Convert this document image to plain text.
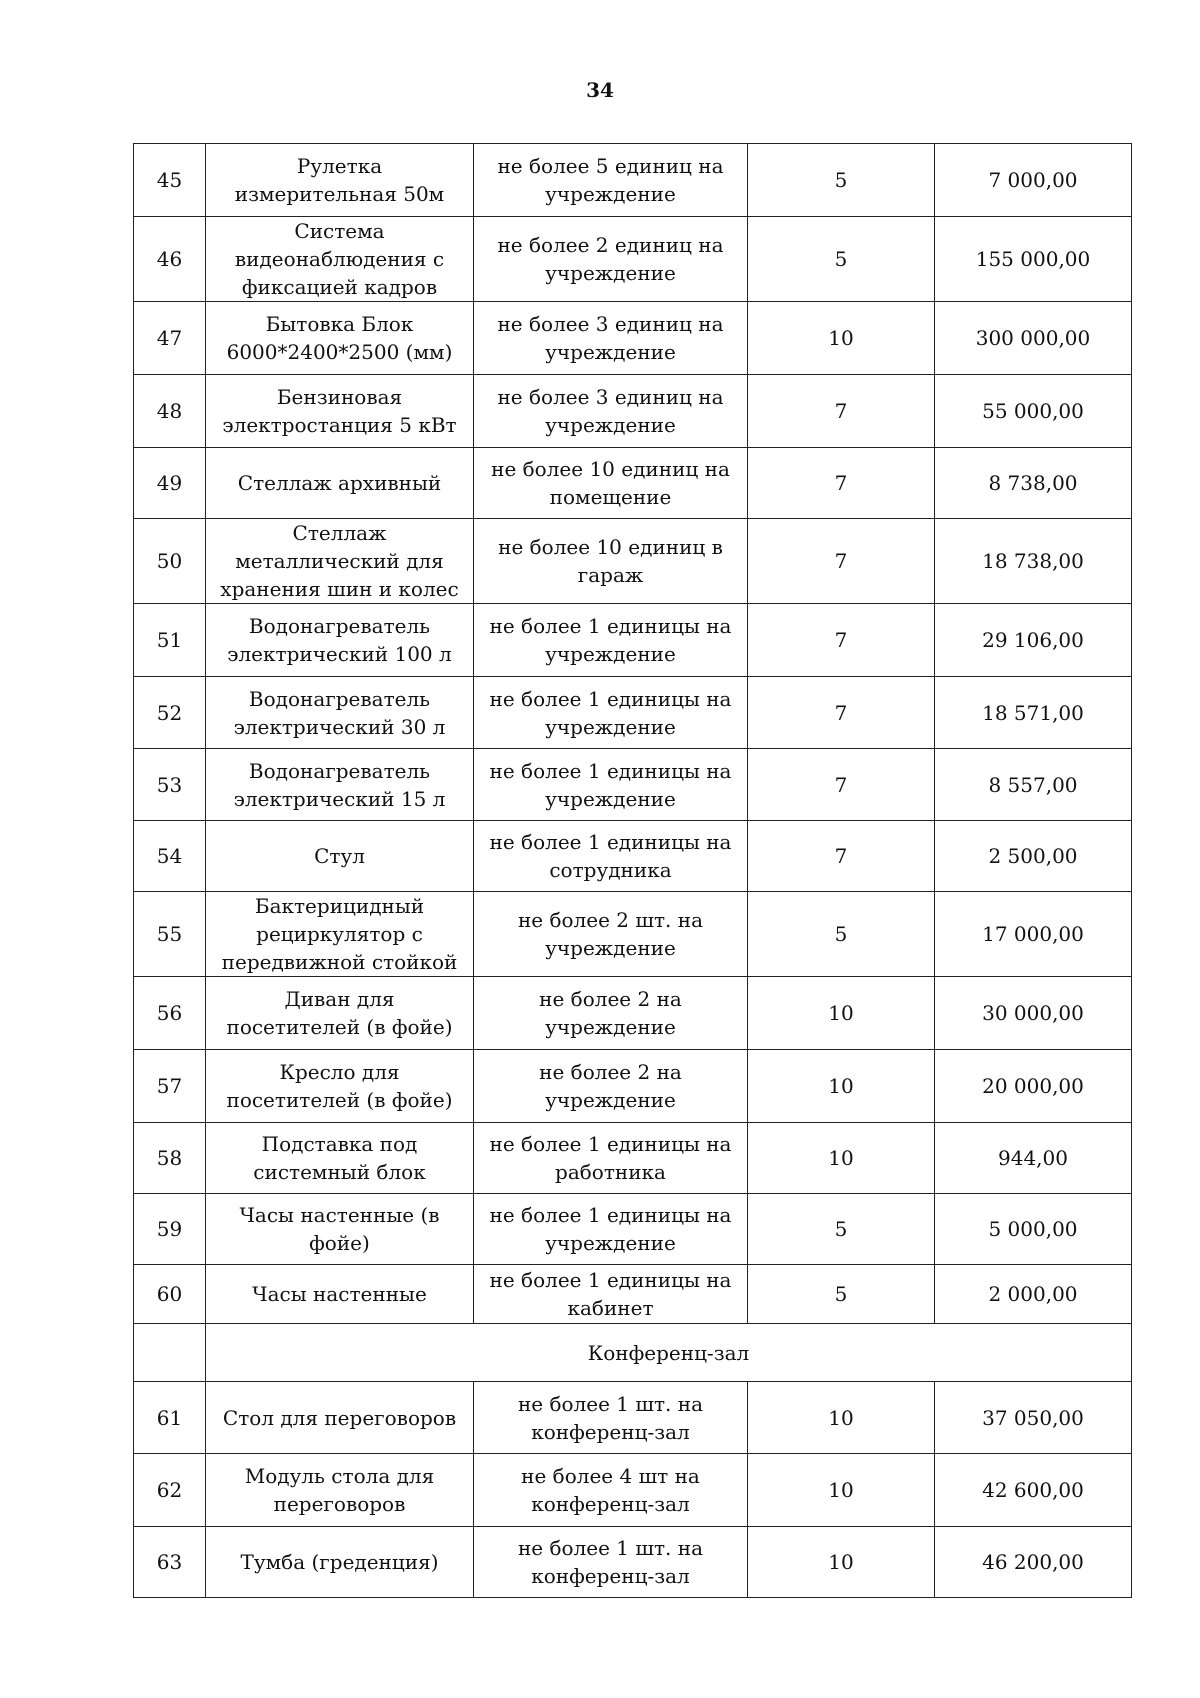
34
45	Рулетка измерительная 50м	не более 5 единиц на учреждение	5	7 000,00
46	Система видеонаблюдения с фиксацией кадров	не более 2 единиц на учреждение	5	155 000,00
47	Бытовка Блок 6000*2400*2500 (мм)	не более 3 единиц на учреждение	10	300 000,00
48	Бензиновая электростанция 5 кВт	не более 3 единиц на учреждение	7	55 000,00
49	Стеллаж архивный	не более 10 единиц на помещение	7	8 738,00
50	Стеллаж металлический для хранения шин и колес	не более 10 единиц в гараж	7	18 738,00
51	Водонагреватель электрический 100 л	не более 1 единицы на учреждение	7	29 106,00
52	Водонагреватель электрический 30 л	не более 1 единицы на учреждение	7	18 571,00
53	Водонагреватель электрический 15 л	не более 1 единицы на учреждение	7	8 557,00
54	Стул	не более 1 единицы на сотрудника	7	2 500,00
55	Бактерицидный рециркулятор с передвижной стойкой	не более 2 шт. на учреждение	5	17 000,00
56	Диван для посетителей (в фойе)	не более 2 на учреждение	10	30 000,00
57	Кресло для посетителей (в фойе)	не более 2 на учреждение	10	20 000,00
58	Подставка под системный блок	не более 1 единицы на работника	10	944,00
59	Часы настенные (в фойе)	не более 1 единицы на учреждение	5	5 000,00
60	Часы настенные	не более 1 единицы на кабинет	5	2 000,00
	Конференц-зал			
61	Стол для переговоров	не более 1 шт. на конференц-зал	10	37 050,00
62	Модуль стола для переговоров	не более 4 шт на конференц-зал	10	42 600,00
63	Тумба (греденция)	не более 1 шт. на конференц-зал	10	46 200,00
